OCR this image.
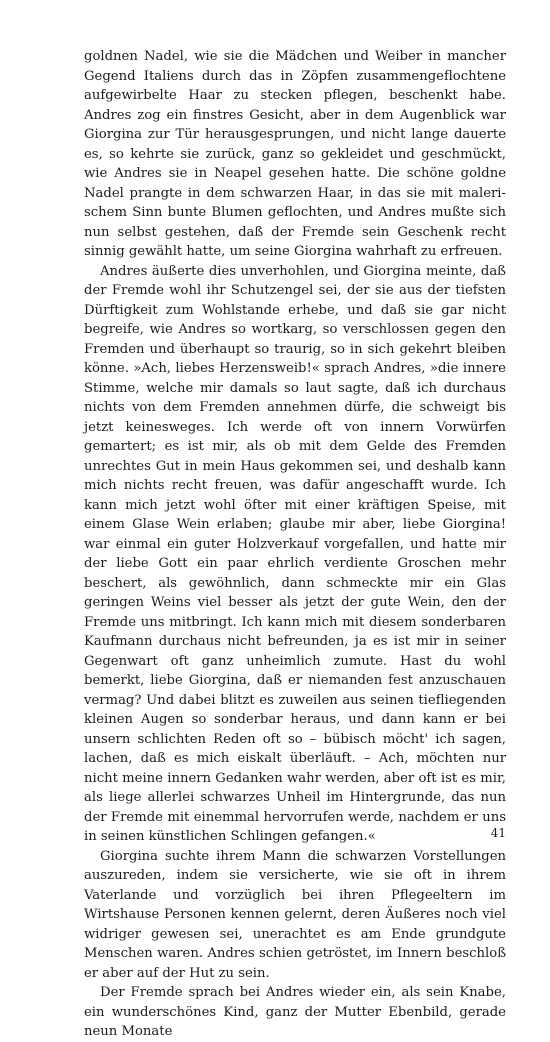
goldnen Nadel, wie sie die Mädchen und Weiber in mancher Gegend Italiens durch das in Zöpfen zusammengeflochtene aufgewirbelte Haar zu stecken pflegen, beschenkt habe. Andres zog ein finstres Gesicht, aber in dem Augenblick war Giorgina zur Tür herausgesprungen, und nicht lange dauerte es, so kehrte sie zurück, ganz so gekleidet und geschmückt, wie Andres sie in Neapel gesehen hatte. Die schöne goldne Nadel prangte in dem schwarzen Haar, in das sie mit malerischem Sinn bunte Blumen geflochten, und Andres mußte sich nun selbst gestehen, daß der Fremde sein Geschenk recht sinnig gewählt hatte, um seine Giorgina wahrhaft zu erfreuen.

Andres äußerte dies unverhohlen, und Giorgina meinte, daß der Fremde wohl ihr Schutzengel sei, der sie aus der tiefsten Dürftigkeit zum Wohlstande erhebe, und daß sie gar nicht begreife, wie Andres so wortkarg, so verschlossen gegen den Fremden und überhaupt so traurig, so in sich gekehrt bleiben könne. »Ach, liebes Herzensweib!« sprach Andres, »die innere Stimme, welche mir damals so laut sagte, daß ich durchaus nichts von dem Fremden annehmen dürfe, die schweigt bis jetzt keinesweges. Ich werde oft von innern Vorwürfen gemartert; es ist mir, als ob mit dem Gelde des Fremden unrechtes Gut in mein Haus gekommen sei, und deshalb kann mich nichts recht freuen, was dafür angeschafft wurde. Ich kann mich jetzt wohl öfter mit einer kräftigen Speise, mit einem Glase Wein erlaben; glaube mir aber, liebe Giorgina! war einmal ein guter Holzverkauf vorgefallen, und hatte mir der liebe Gott ein paar ehrlich verdiente Groschen mehr beschert, als gewöhnlich, dann schmeckte mir ein Glas geringen Weins viel besser als jetzt der gute Wein, den der Fremde uns mitbringt. Ich kann mich mit diesem sonderbaren Kaufmann durchaus nicht befreunden, ja es ist mir in seiner Gegenwart oft ganz unheimlich zumute. Hast du wohl bemerkt, liebe Giorgina, daß er niemanden fest anzuschauen vermag? Und dabei blitzt es zuweilen aus seinen tiefliegenden kleinen Augen so sonderbar heraus, und dann kann er bei unsern schlichten Reden oft so – bübisch möcht' ich sagen, lachen, daß es mich eiskalt überläuft. – Ach, möchten nur nicht meine innern Gedanken wahr werden, aber oft ist es mir, als liege allerlei schwarzes Unheil im Hintergrunde, das nun der Fremde mit einemmal hervorrufen werde, nachdem er uns in seinen künstlichen Schlingen gefangen.«

Giorgina suchte ihrem Mann die schwarzen Vorstellungen auszureden, indem sie versicherte, wie sie oft in ihrem Vaterlande und vorzüglich bei ihren Pflegeeltern im Wirtshause Personen kennen gelernt, deren Äußeres noch viel widriger gewesen sei, unerachtet es am Ende grundgute Menschen waren. Andres schien getröstet, im Innern beschloß er aber auf der Hut zu sein.

Der Fremde sprach bei Andres wieder ein, als sein Knabe, ein wunderschönes Kind, ganz der Mutter Ebenbild, gerade neun Monate

41
